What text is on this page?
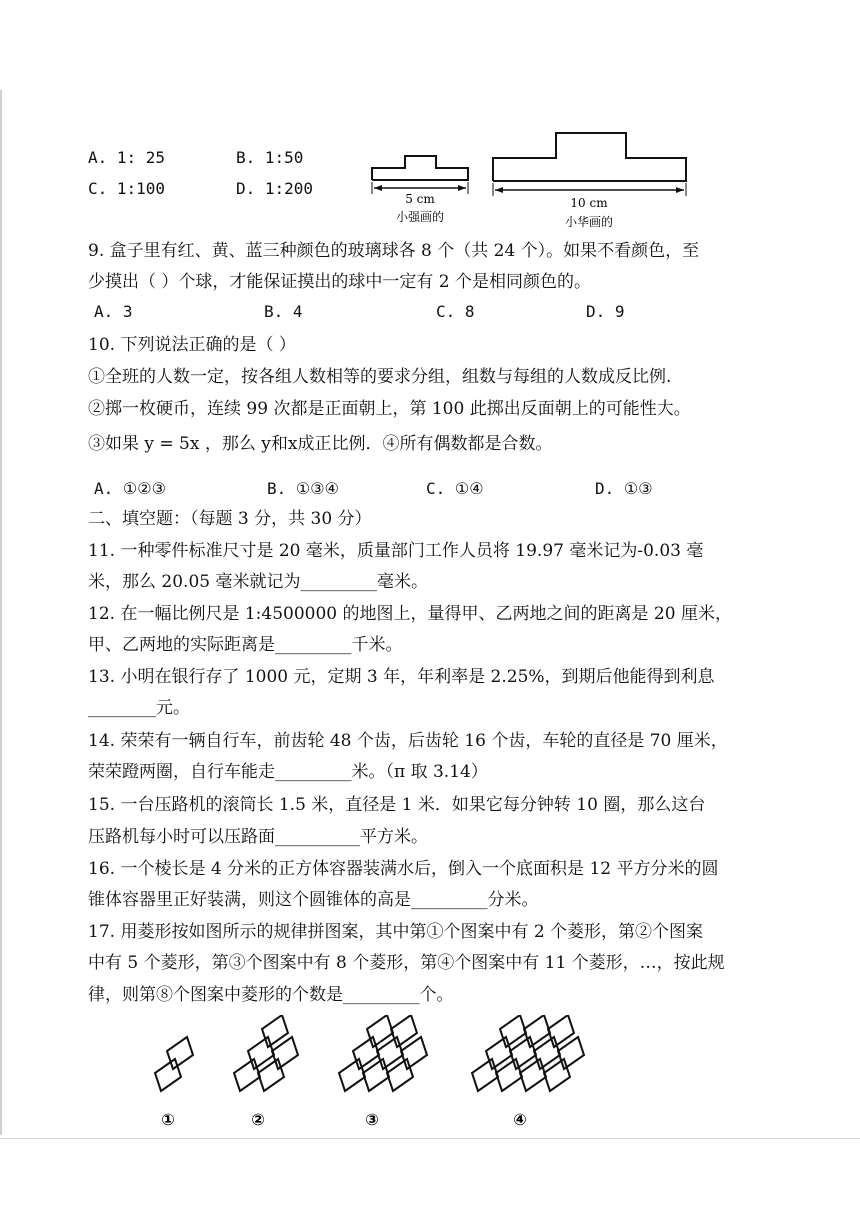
A. 1: 25	B. 1:50
C. 1:100	D. 1:200
5 cm
小强画的
10 cm
小华画的
9. 盒子里有红、黄、蓝三种颜色的玻璃球各 8 个（共 24 个）。如果不看颜色，至
少摸出（ ）个球，才能保证摸出的球中一定有 2 个是相同颜色的。
A. 3	B. 4	C. 8	D. 9
10. 下列说法正确的是（ ）
①全班的人数一定，按各组人数相等的要求分组，组数与每组的人数成反比例.
②掷一枚硬币，连续 99 次都是正面朝上，第 100 此掷出反面朝上的可能性大。
③如果 y = 5x ，那么 y和x成正比例．④所有偶数都是合数。
A. ①②③	B. ①③④	C. ①④	D. ①③
二、填空题：（每题 3 分，共 30 分）
11. 一种零件标准尺寸是 20 毫米，质量部门工作人员将 19.97 毫米记为-0.03 毫
米，那么 20.05 毫米就记为_________毫米。
12. 在一幅比例尺是 1:4500000 的地图上，量得甲、乙两地之间的距离是 20 厘米，
甲、乙两地的实际距离是_________千米。
13. 小明在银行存了 1000 元，定期 3 年，年利率是 2.25%，到期后他能得到利息
________元。
14. 荣荣有一辆自行车，前齿轮 48 个齿，后齿轮 16 个齿，车轮的直径是 70 厘米，
荣荣蹬两圈，自行车能走_________米。（π 取 3.14）
15. 一台压路机的滚筒长 1.5 米，直径是 1 米．如果它每分钟转 10 圈，那么这台
压路机每小时可以压路面__________平方米。
16. 一个棱长是 4 分米的正方体容器装满水后，倒入一个底面积是 12 平方分米的圆
锥体容器里正好装满，则这个圆锥体的高是_________分米。
17. 用菱形按如图所示的规律拼图案，其中第①个图案中有 2 个菱形，第②个图案
中有 5 个菱形，第③个图案中有 8 个菱形，第④个图案中有 11 个菱形，…，按此规
律，则第⑧个图案中菱形的个数是_________个。
①	②	③	④
